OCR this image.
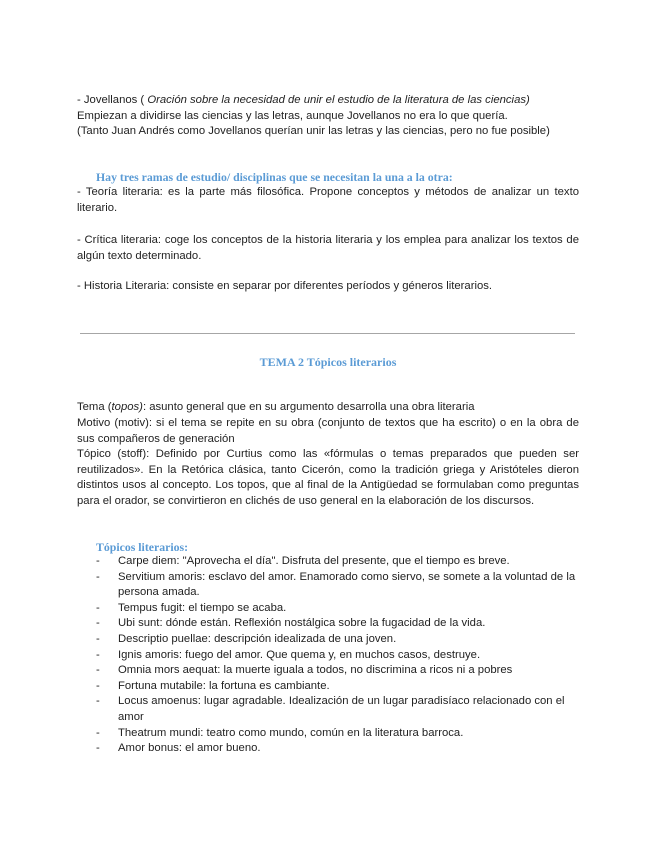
- Jovellanos ( Oración sobre la necesidad de unir el estudio de la literatura de las ciencias)
Empiezan a dividirse las ciencias y las letras, aunque Jovellanos no era lo que quería.
(Tanto Juan Andrés como Jovellanos querían unir las letras y las ciencias, pero no fue posible)

Hay tres ramas de estudio/ disciplinas que se necesitan la una a la otra:

- Teoría literaria: es la parte más filosófica. Propone conceptos y métodos de analizar un texto literario.

- Crítica literaria: coge los conceptos de la historia literaria y los emplea para analizar los textos de algún texto determinado.

- Historia Literaria: consiste en separar por diferentes períodos y géneros literarios.

TEMA 2 Tópicos literarios

Tema (topos): asunto general que en su argumento desarrolla una obra literaria

Motivo (motiv): si el tema se repite en su obra (conjunto de textos que ha escrito) o en la obra de sus compañeros de generación

Tópico (stoff): Definido por Curtius como las «fórmulas o temas preparados que pueden ser reutilizados». En la Retórica clásica, tanto Cicerón, como la tradición griega y Aristóteles dieron distintos usos al concepto. Los topos, que al final de la Antigüedad se formulaban como preguntas para el orador, se convirtieron en clichés de uso general en la elaboración de los discursos.

Tópicos literarios:

- Carpe diem: "Aprovecha el día". Disfruta del presente, que el tiempo es breve.
- Servitium amoris: esclavo del amor. Enamorado como siervo, se somete a la voluntad de la persona amada.
- Tempus fugit: el tiempo se acaba.
- Ubi sunt: dónde están. Reflexión nostálgica sobre la fugacidad de la vida.
- Descriptio puellae: descripción idealizada de una joven.
- Ignis amoris: fuego del amor. Que quema y, en muchos casos, destruye.
- Omnia mors aequat: la muerte iguala a todos, no discrimina a ricos ni a pobres
- Fortuna mutabile: la fortuna es cambiante.
- Locus amoenus: lugar agradable. Idealización de un lugar paradisíaco relacionado con el amor
- Theatrum mundi: teatro como mundo, común en la literatura barroca.
- Amor bonus: el amor bueno.
